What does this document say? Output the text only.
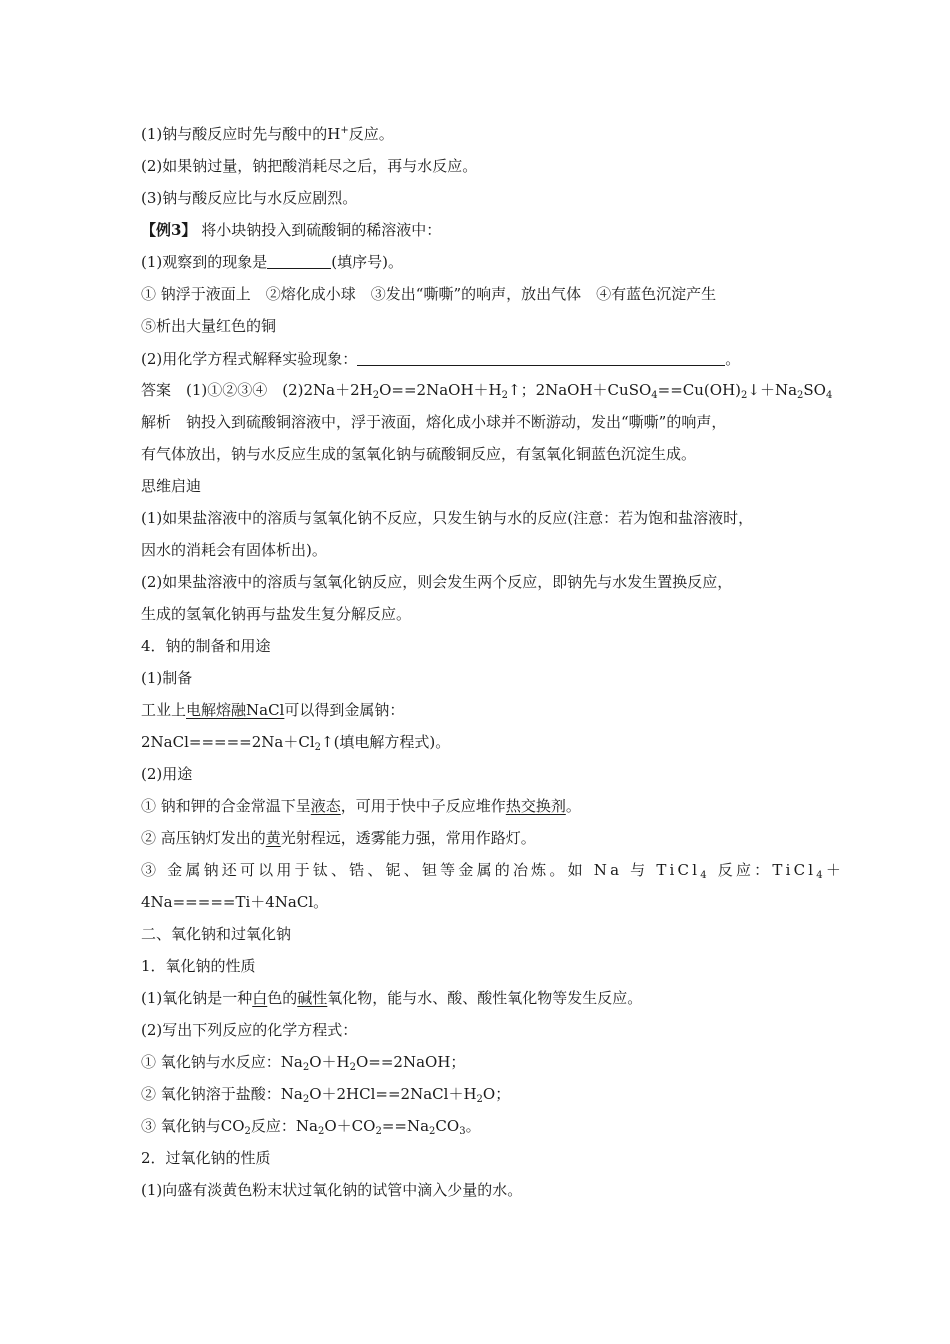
(1)钠与酸反应时先与酸中的H+反应。
(2)如果钠过量，钠把酸消耗尽之后，再与水反应。
(3)钠与酸反应比与水反应剧烈。
【例3】 将小块钠投入到硫酸铜的稀溶液中：
(1)观察到的现象是	(填序号)。
① 钠浮于液面上　②熔化成小球　③发出“嘶嘶”的响声，放出气体　④有蓝色沉淀产生
⑤析出大量红色的铜
(2)用化学方程式解释实验现象：	。
答案　(1)①②③④　$(2)2Na+2H_2O==2NaOH+H_2↑$；$2NaOH+CuSO_4==Cu(OH)_2↓+Na_2SO_4$
解析　钠投入到硫酸铜溶液中，浮于液面，熔化成小球并不断游动，发出“嘶嘶”的响声，
有气体放出，钠与水反应生成的氢氧化钠与硫酸铜反应，有氢氧化铜蓝色沉淀生成。
思维启迪
(1)如果盐溶液中的溶质与氢氧化钠不反应，只发生钠与水的反应(注意：若为饱和盐溶液时，
因水的消耗会有固体析出)。
(2)如果盐溶液中的溶质与氢氧化钠反应，则会发生两个反应，即钠先与水发生置换反应，
生成的氢氧化钠再与盐发生复分解反应。
4．钠的制备和用途
(1)制备
工业上电解熔融NaCl可以得到金属钠：
$2NaCl=====2Na+Cl_2↑$(填电解方程式)。
(2)用途
① 钠和钾的合金常温下呈液态，可用于快中子反应堆作热交换剂。
② 高压钠灯发出的黄光射程远，透雾能力强，常用作路灯。
③ 金属钠还可以用于钛、锆、铌、钽等金属的冶炼。如 Na 与 TiCl$_4$ 反应：TiCl$_4$＋
4Na=====Ti＋4NaCl。
二、氧化钠和过氧化钠
1．氧化钠的性质
(1)氧化钠是一种白色的碱性氧化物，能与水、酸、酸性氧化物等发生反应。
(2)写出下列反应的化学方程式：
① 氧化钠与水反应：$Na_2O+H_2O==2NaOH$；
② 氧化钠溶于盐酸：$Na_2O+2HCl==2NaCl+H_2O$；
③ 氧化钠与$CO_2$反应：$Na_2O+CO_2==Na_2CO_3$。
2．过氧化钠的性质
(1)向盛有淡黄色粉末状过氧化钠的试管中滴入少量的水。
